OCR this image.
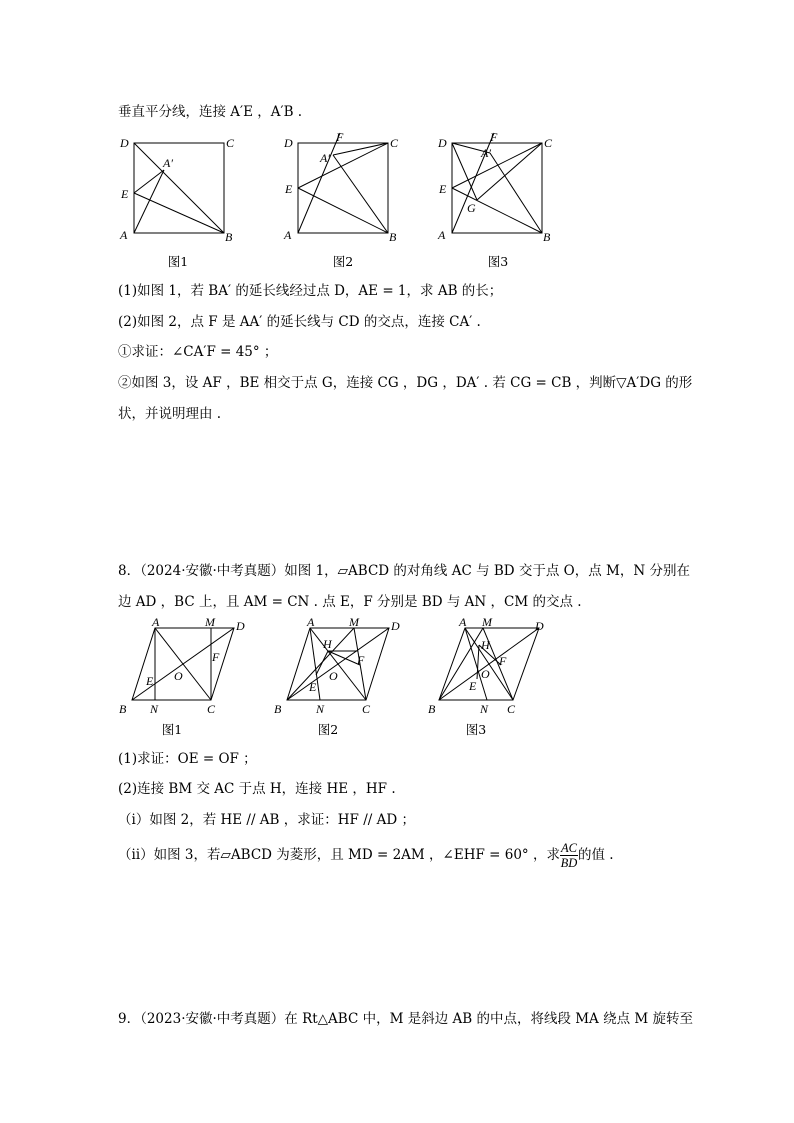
垂直平分线，连接 A′E ，A′B .
D	C
A′
E
A	B
D	F	C
A′
E
A	B
D	F	C
A′
E
G
A	B
图1	图2	图3
(1)如图 1，若 BA′ 的延长线经过点 D，AE = 1，求 AB 的长；
(2)如图 2，点 F 是 AA′ 的延长线与 CD 的交点，连接 CA′ .
①求证：∠CA′F = 45° ；
②如图 3，设 AF ，BE 相交于点 G，连接 CG ，DG ，DA′ . 若 CG = CB ，判断▽A′DG 的形
状，并说明理由 .
8．（2024·安徽·中考真题）如图 1，▱ABCD 的对角线 AC 与 BD 交于点 O，点 M，N 分别在
边 AD ，BC 上，且 AM = CN . 点 E，F 分别是 BD 与 AN ，CM 的交点 .
A	M D
F
O
E
B N	C
A	M	D
H
F
O
E
B	N	C
A M	D
H
F
O
E
B	N C
图1	图2	图3
(1)求证：OE = OF ；
(2)连接 BM 交 AC 于点 H，连接 HE ，HF .
（ⅰ）如图 2，若 HE // AB ，求证：HF // AD ；
（ⅱ）如图 3，若▱ABCD 为菱形，且 MD = 2AM ，∠EHF = 60° ，求 $\frac{AC}{BD}$ 的值 .
9．（2023·安徽·中考真题）在 Rt△ABC 中，M 是斜边 AB 的中点，将线段 MA 绕点 M 旋转至
